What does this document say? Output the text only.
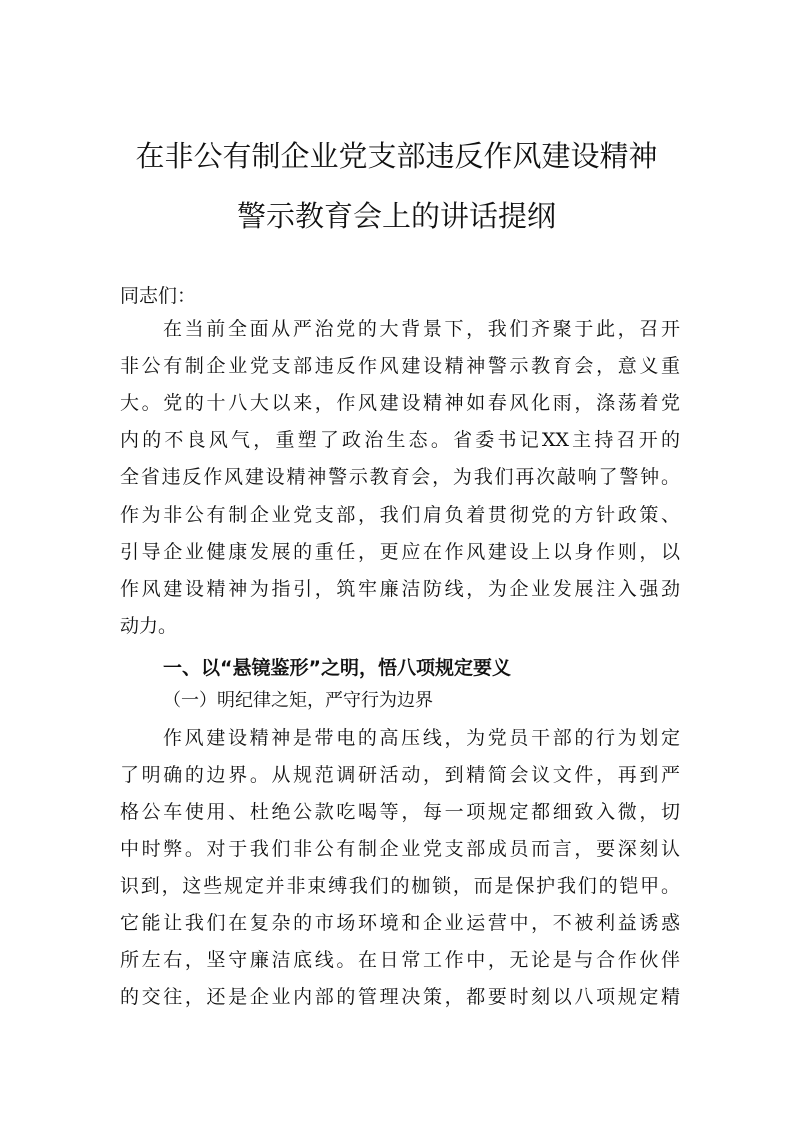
在非公有制企业党支部违反作风建设精神
警示教育会上的讲话提纲
同志们：
在当前全面从严治党的大背景下，我们齐聚于此，召开
非公有制企业党支部违反作风建设精神警示教育会，意义重
大。党的十八大以来，作风建设精神如春风化雨，涤荡着党
内的不良风气，重塑了政治生态。省委书记XX主持召开的
全省违反作风建设精神警示教育会，为我们再次敲响了警钟。
作为非公有制企业党支部，我们肩负着贯彻党的方针政策、
引导企业健康发展的重任，更应在作风建设上以身作则，以
作风建设精神为指引，筑牢廉洁防线，为企业发展注入强劲
动力。
一、以“悬镜鉴形”之明，悟八项规定要义
（一）明纪律之矩，严守行为边界
作风建设精神是带电的高压线，为党员干部的行为划定
了明确的边界。从规范调研活动，到精简会议文件，再到严
格公车使用、杜绝公款吃喝等，每一项规定都细致入微，切
中时弊。对于我们非公有制企业党支部成员而言，要深刻认
识到，这些规定并非束缚我们的枷锁，而是保护我们的铠甲。
它能让我们在复杂的市场环境和企业运营中，不被利益诱惑
所左右，坚守廉洁底线。在日常工作中，无论是与合作伙伴
的交往，还是企业内部的管理决策，都要时刻以八项规定精
